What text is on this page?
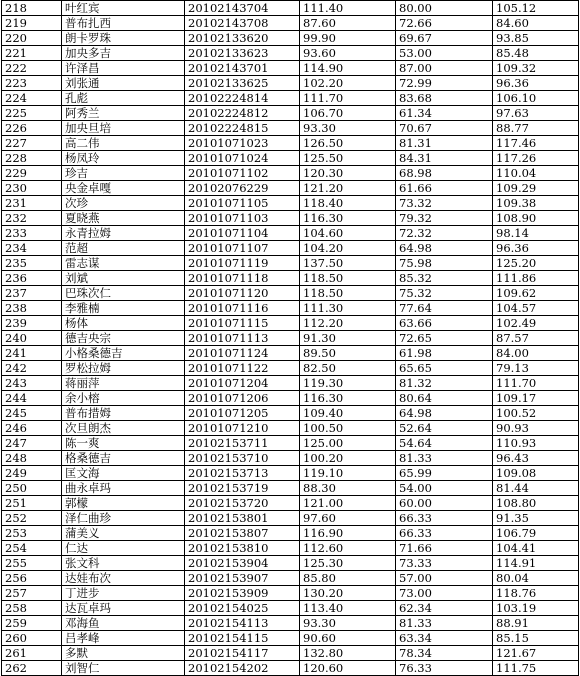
218	叶红宾	20102143704	111.40	80.00	105.12
219	普布扎西	20102143708	87.60	72.66	84.60
220	朗卡罗珠	20102133620	99.90	69.67	93.85
221	加央多吉	20102133623	93.60	53.00	85.48
222	许泽昌	20102143701	114.90	87.00	109.32
223	刘张通	20102133625	102.20	72.99	96.36
224	孔彪	20102224814	111.70	83.68	106.10
225	阿秀兰	20102224812	106.70	61.34	97.63
226	加央旦培	20102224815	93.30	70.67	88.77
227	高二伟	20101071023	126.50	81.31	117.46
228	杨凤玲	20101071024	125.50	84.31	117.26
229	珍吉	20101071102	120.30	68.98	110.04
230	央金卓嘎	20102076229	121.20	61.66	109.29
231	次珍	20101071105	118.40	73.32	109.38
232	夏晓燕	20101071103	116.30	79.32	108.90
233	永青拉姆	20101071104	104.60	72.32	98.14
234	范超	20101071107	104.20	64.98	96.36
235	雷志谋	20101071119	137.50	75.98	125.20
236	刘斌	20101071118	118.50	85.32	111.86
237	巴珠次仁	20101071120	118.50	75.32	109.62
238	李雅楠	20101071116	111.30	77.64	104.57
239	杨体	20101071115	112.20	63.66	102.49
240	德吉央宗	20101071113	91.30	72.65	87.57
241	小格桑德吉	20101071124	89.50	61.98	84.00
242	罗松拉姆	20101071122	82.50	65.65	79.13
243	蒋丽萍	20101071204	119.30	81.32	111.70
244	余小榕	20101071206	116.30	80.64	109.17
245	普布措姆	20101071205	109.40	64.98	100.52
246	次旦朗杰	20101071210	100.50	52.64	90.93
247	陈一爽	20102153711	125.00	54.64	110.93
248	格桑德吉	20102153710	100.20	81.33	96.43
249	匡文海	20102153713	119.10	65.99	109.08
250	曲永卓玛	20102153719	88.30	54.00	81.44
251	郭檬	20102153720	121.00	60.00	108.80
252	泽仁曲珍	20102153801	97.60	66.33	91.35
253	蒲美义	20102153807	116.90	66.33	106.79
254	仁达	20102153810	112.60	71.66	104.41
255	张文科	20102153904	125.30	73.33	114.91
256	达娃布次	20102153907	85.80	57.00	80.04
257	丁进步	20102153909	130.20	73.00	118.76
258	达瓦卓玛	20102154025	113.40	62.34	103.19
259	邓海鱼	20102154113	93.30	81.33	88.91
260	吕孝峰	20102154115	90.60	63.34	85.15
261	多默	20102154117	132.80	78.34	121.67
262	刘智仁	20102154202	120.60	76.33	111.75
